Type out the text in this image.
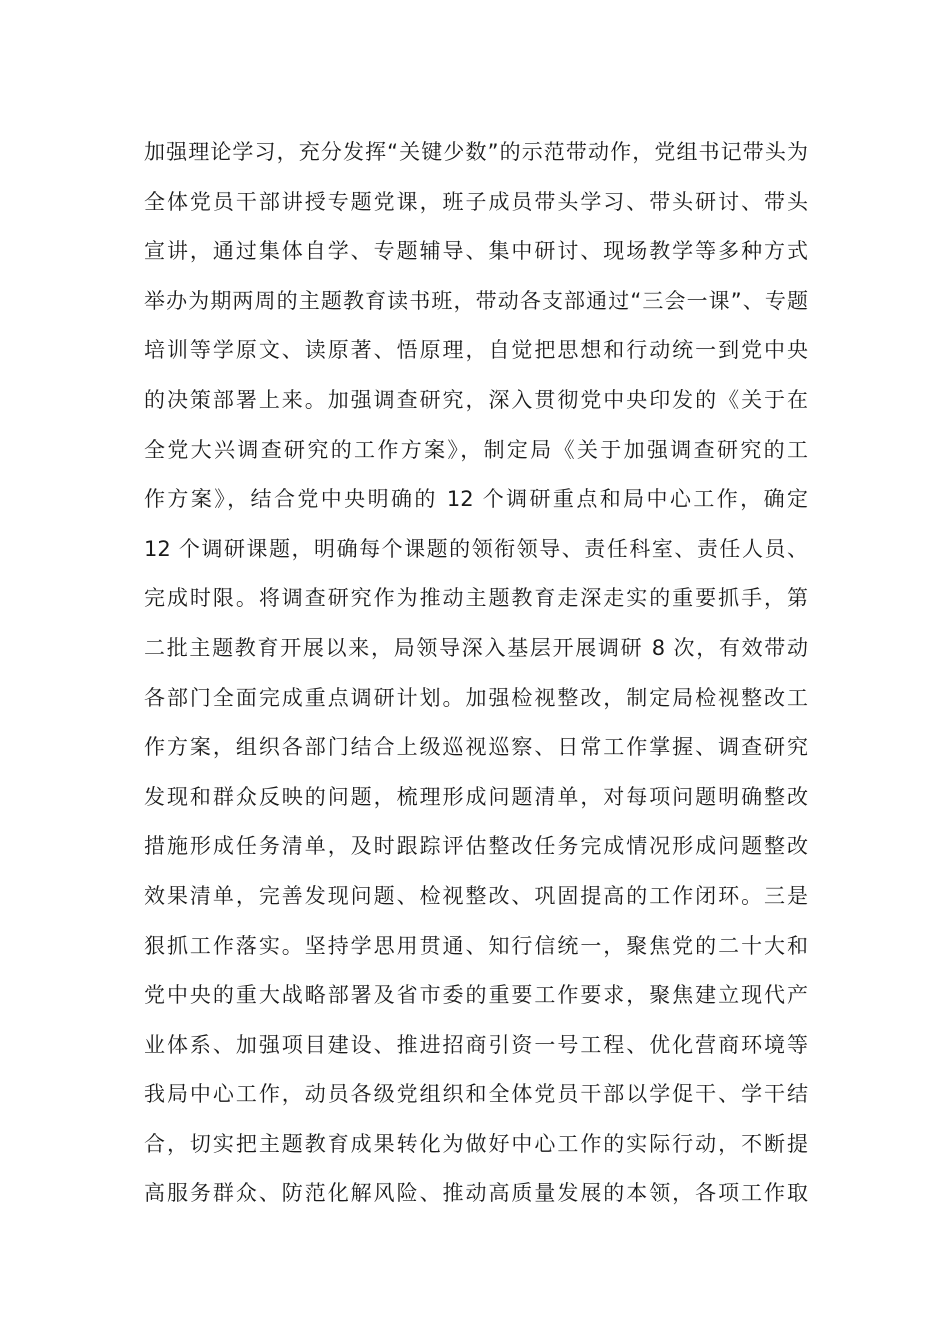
加强理论学习，充分发挥“关键少数”的示范带动作，党组书记带头为
全体党员干部讲授专题党课，班子成员带头学习、带头研讨、带头
宣讲，通过集体自学、专题辅导、集中研讨、现场教学等多种方式
举办为期两周的主题教育读书班，带动各支部通过“三会一课”、专题
培训等学原文、读原著、悟原理，自觉把思想和行动统一到党中央
的决策部署上来。加强调查研究，深入贯彻党中央印发的《关于在
全党大兴调查研究的工作方案》，制定局《关于加强调查研究的工
作方案》，结合党中央明确的 12 个调研重点和局中心工作，确定
12 个调研课题，明确每个课题的领衔领导、责任科室、责任人员、
完成时限。将调查研究作为推动主题教育走深走实的重要抓手，第
二批主题教育开展以来，局领导深入基层开展调研 8 次，有效带动
各部门全面完成重点调研计划。加强检视整改，制定局检视整改工
作方案，组织各部门结合上级巡视巡察、日常工作掌握、调查研究
发现和群众反映的问题，梳理形成问题清单，对每项问题明确整改
措施形成任务清单，及时跟踪评估整改任务完成情况形成问题整改
效果清单，完善发现问题、检视整改、巩固提高的工作闭环。三是
狠抓工作落实。坚持学思用贯通、知行信统一，聚焦党的二十大和
党中央的重大战略部署及省市委的重要工作要求，聚焦建立现代产
业体系、加强项目建设、推进招商引资一号工程、优化营商环境等
我局中心工作，动员各级党组织和全体党员干部以学促干、学干结
合，切实把主题教育成果转化为做好中心工作的实际行动，不断提
高服务群众、防范化解风险、推动高质量发展的本领，各项工作取
